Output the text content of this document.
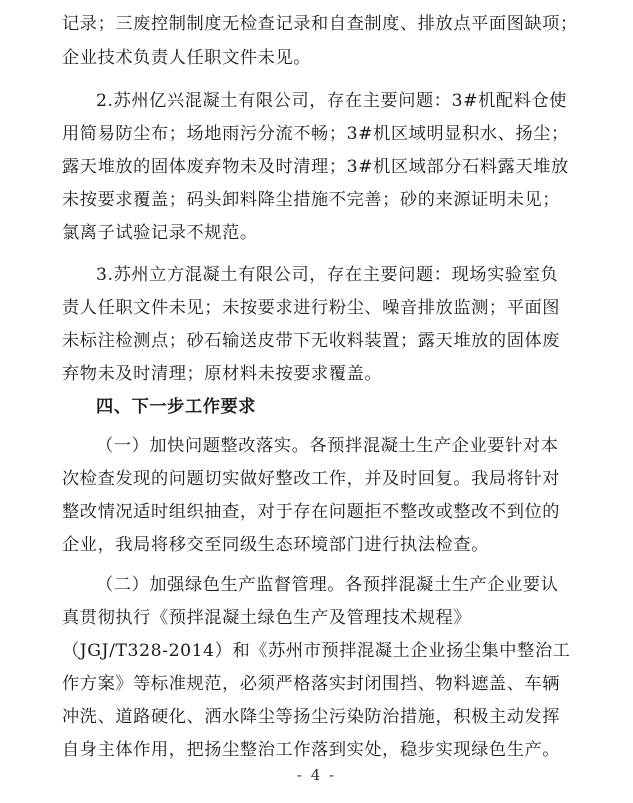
记录；三废控制制度无检查记录和自查制度、排放点平面图缺项；
企业技术负责人任职文件未见。
2.苏州亿兴混凝土有限公司，存在主要问题：3#机配料仓使
用简易防尘布；场地雨污分流不畅；3#机区域明显积水、扬尘；
露天堆放的固体废弃物未及时清理；3#机区域部分石料露天堆放
未按要求覆盖；码头卸料降尘措施不完善；砂的来源证明未见；
氯离子试验记录不规范。
3.苏州立方混凝土有限公司，存在主要问题：现场实验室负
责人任职文件未见；未按要求进行粉尘、噪音排放监测；平面图
未标注检测点；砂石输送皮带下无收料装置；露天堆放的固体废
弃物未及时清理；原材料未按要求覆盖。
四、下一步工作要求
（一）加快问题整改落实。各预拌混凝土生产企业要针对本
次检查发现的问题切实做好整改工作，并及时回复。我局将针对
整改情况适时组织抽查，对于存在问题拒不整改或整改不到位的
企业，我局将移交至同级生态环境部门进行执法检查。
（二）加强绿色生产监督管理。各预拌混凝土生产企业要认
真贯彻执行《预拌混凝土绿色生产及管理技术规程》
（JGJ/T328-2014）和《苏州市预拌混凝土企业扬尘集中整治工
作方案》等标准规范，必须严格落实封闭围挡、物料遮盖、车辆
冲洗、道路硬化、洒水降尘等扬尘污染防治措施，积极主动发挥
自身主体作用，把扬尘整治工作落到实处，稳步实现绿色生产。
- 4 -
